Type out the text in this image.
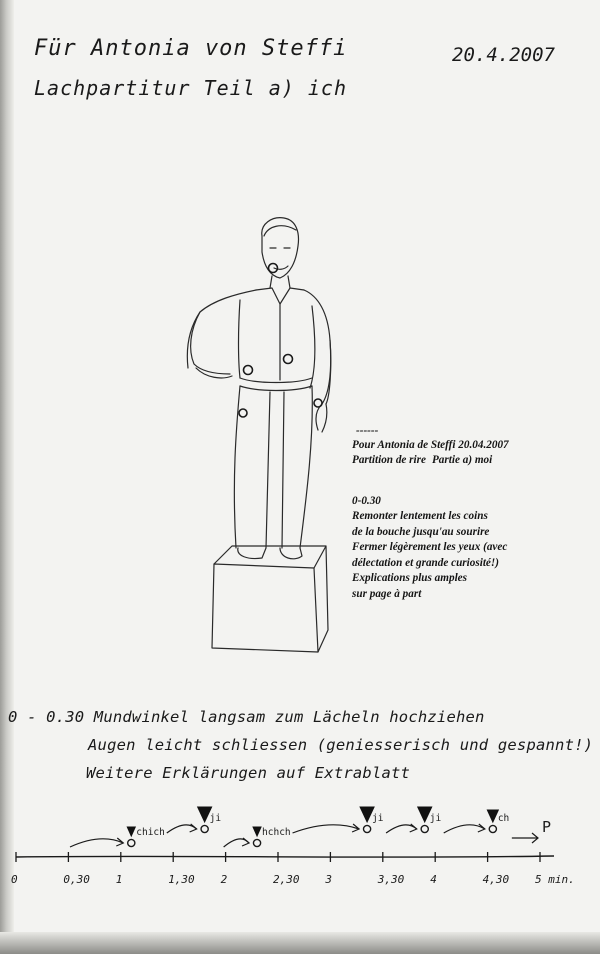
Für Antonia von Steffi

Lachpartitur Teil a) ich

20.4.2007

------

Pour Antonia de Steffi 20.04.2007

Partition de rire Partie a) moi

0-0.30

Remonter lentement les coins
de la bouche jusqu'au sourire
Fermer légèrement les yeux (avec
délectation et grande curiosité!)
Explications plus amples
sur page à part

0 - 0.30 Mundwinkel langsam zum Lächeln hochziehen

Augen leicht schliessen (geniesserisch und gespannt!)

Weitere Erklärungen auf Extrablatt

0	0,30 1	1,30 2	2,30 3	3,30 4	4,30 5 min.
chich
ji
hchch
ji	ji	ch P
